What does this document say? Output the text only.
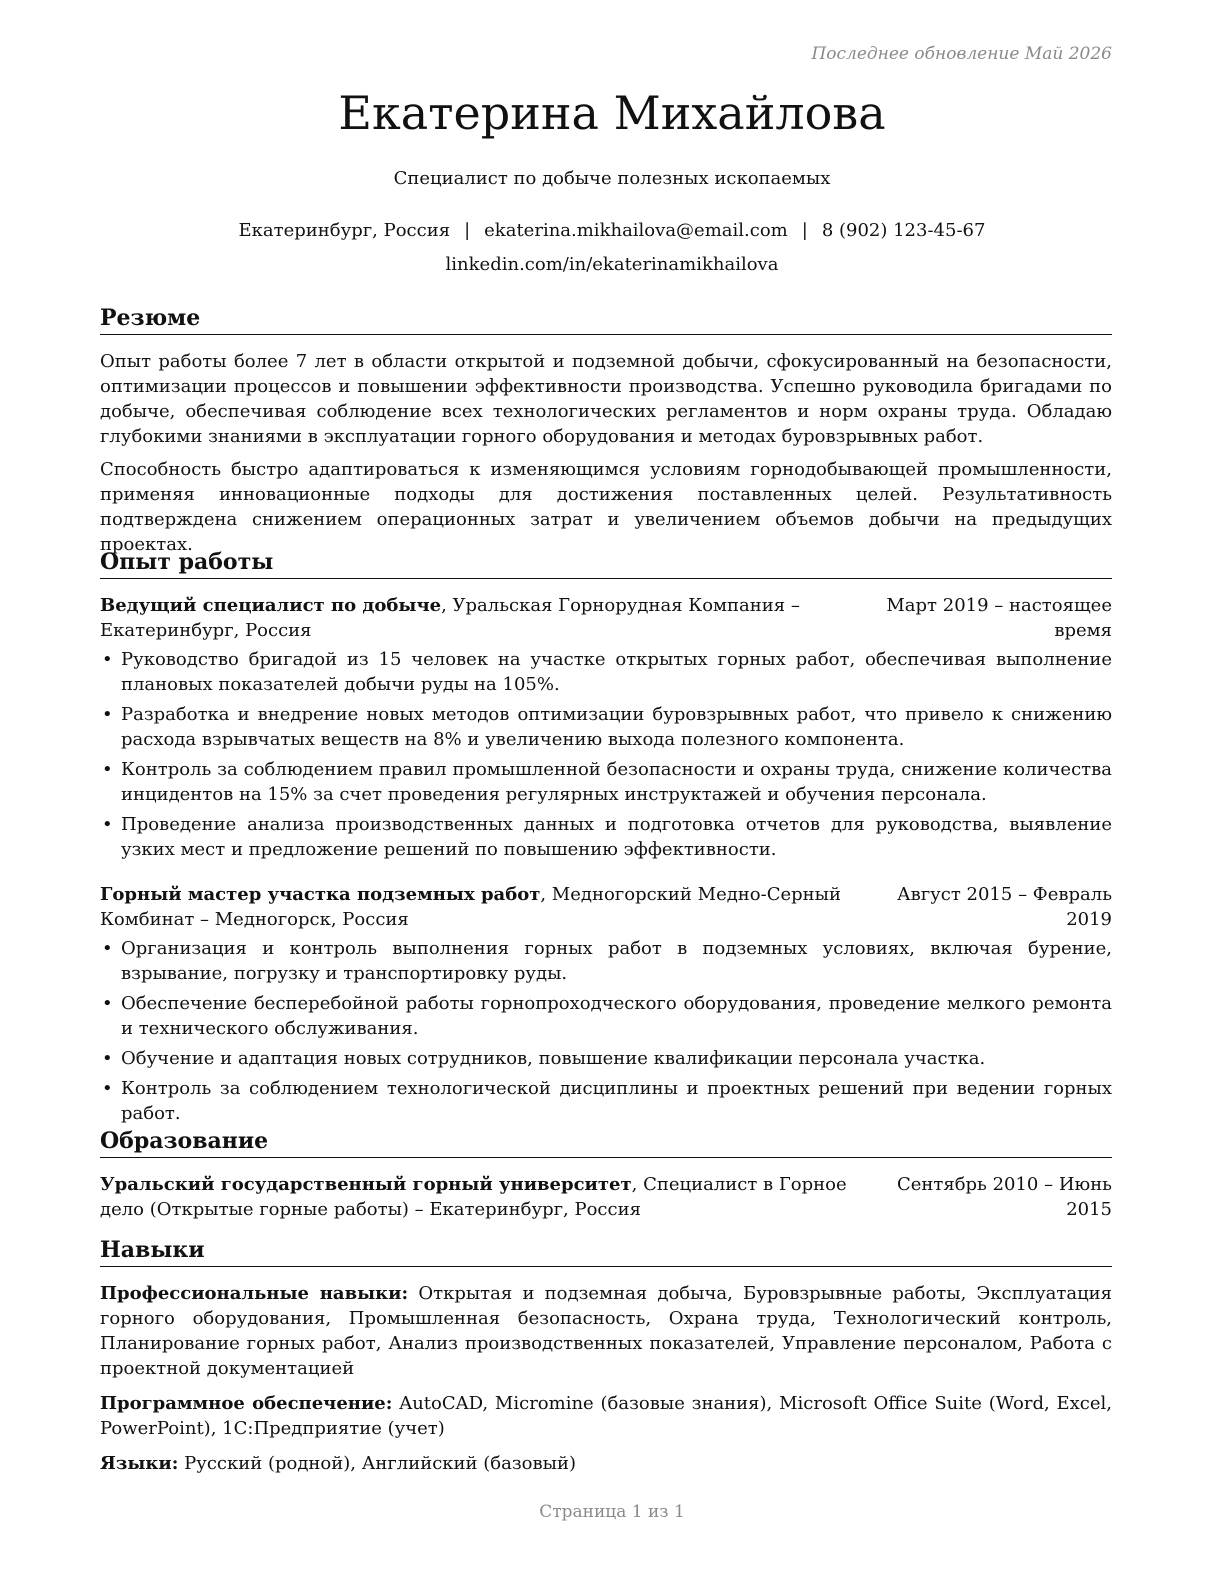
Последнее обновление Май 2026
Екатерина Михайлова
Специалист по добыче полезных ископаемых
Екатеринбург, Россия | ekaterina.mikhailova@email.com | 8 (902) 123-45-67
linkedin.com/in/ekaterinamikhailova
Резюме

Опыт работы более 7 лет в области открытой и подземной добычи, сфокусированный на безопасности, оптимизации процессов и повышении эффективности производства. Успешно руководила бригадами по добыче, обеспечивая соблюдение всех технологических регламентов и норм охраны труда. Обладаю глубокими знаниями в эксплуатации горного оборудования и методах буровзрывных работ.

Способность быстро адаптироваться к изменяющимся условиям горнодобывающей промышленности, применяя инновационные подходы для достижения поставленных целей. Результативность подтверждена снижением операционных затрат и увеличением объемов добычи на предыдущих проектах.

Опыт работы
Ведущий специалист по добыче, Уральская Горнорудная Компания – Екатеринбург, Россия
Март 2019 – настоящее время
• Руководство бригадой из 15 человек на участке открытых горных работ, обеспечивая выполнение плановых показателей добычи руды на 105%.
• Разработка и внедрение новых методов оптимизации буровзрывных работ, что привело к снижению расхода взрывчатых веществ на 8% и увеличению выхода полезного компонента.
• Контроль за соблюдением правил промышленной безопасности и охраны труда, снижение количества инцидентов на 15% за счет проведения регулярных инструктажей и обучения персонала.
• Проведение анализа производственных данных и подготовка отчетов для руководства, выявление узких мест и предложение решений по повышению эффективности.
Горный мастер участка подземных работ, Медногорский Медно-Серный Комбинат – Медногорск, Россия
Август 2015 – Февраль 2019
• Организация и контроль выполнения горных работ в подземных условиях, включая бурение, взрывание, погрузку и транспортировку руды.
• Обеспечение бесперебойной работы горнопроходческого оборудования, проведение мелкого ремонта и технического обслуживания.
• Обучение и адаптация новых сотрудников, повышение квалификации персонала участка.
• Контроль за соблюдением технологической дисциплины и проектных решений при ведении горных работ.
Образование
Уральский государственный горный университет, Специалист в Горное дело (Открытые горные работы) – Екатеринбург, Россия
Сентябрь 2010 – Июнь 2015
Навыки
Профессиональные навыки: Открытая и подземная добыча, Буровзрывные работы, Эксплуатация горного оборудования, Промышленная безопасность, Охрана труда, Технологический контроль, Планирование горных работ, Анализ производственных показателей, Управление персоналом, Работа с проектной документацией
Программное обеспечение: AutoCAD, Micromine (базовые знания), Microsoft Office Suite (Word, Excel, PowerPoint), 1С:Предприятие (учет)
Языки: Русский (родной), Английский (базовый)
Страница 1 из 1
